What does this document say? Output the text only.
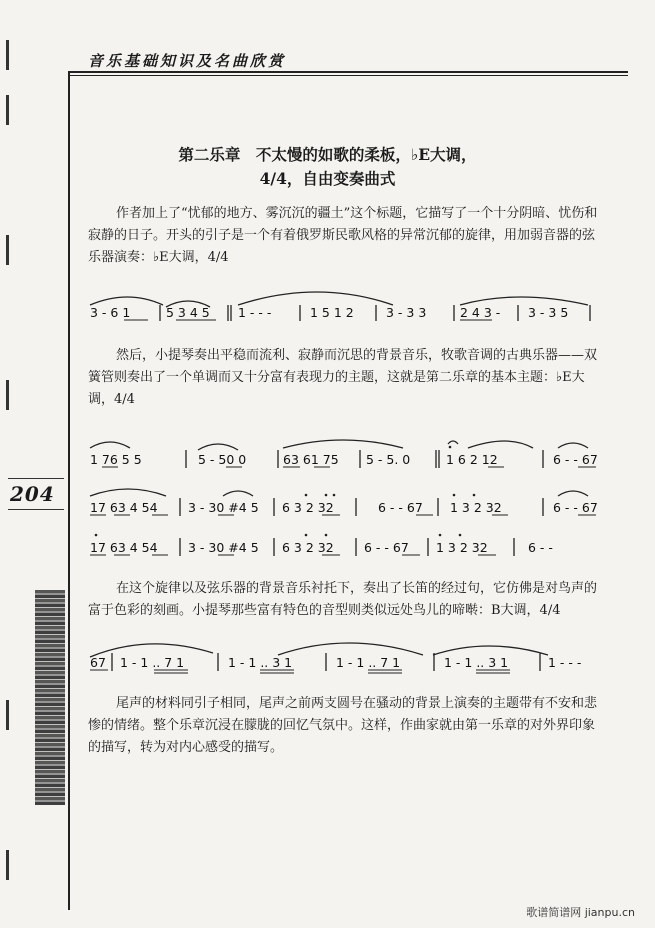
204
音乐基础知识及名曲欣赏
第二乐章　不太慢的如歌的柔板，♭E大调，
4/4，自由变奏曲式

作者加上了“忧郁的地方、雾沉沉的疆土”这个标题，它描写了一个十分阴暗、忧伤和寂静的日子。开头的引子是一个有着俄罗斯民歌风格的异常沉郁的旋律，用加弱音器的弦乐器演奏：♭E大调，4/4

3 - 6 1	5 3 4 5 1 - - -	1 5 1 2	3 - 3 3	2 4 3 - 3 - 3 5

然后，小提琴奏出平稳而流利、寂静而沉思的背景音乐，牧歌音调的古典乐器——双簧管则奏出了一个单调而又十分富有表现力的主题，这就是第二乐章的基本主题：♭E大调，4/4

1 76 5 5	5 - 50 0	63 61 75 5 - 5. 0	1 6 2 12	6 - - 67
17 63 4 54 3 - 30 #4 5 6 3 2 32	6 - - 67 1 3 2 32	6 - - 67
17 63 4 54 3 - 30 #4 5 6 3 2 32 6 - - 67 1 3 2 32	6 - -

在这个旋律以及弦乐器的背景音乐衬托下，奏出了长笛的经过句，它仿佛是对鸟声的富于色彩的刻画。小提琴那些富有特色的音型则类似远处鸟儿的啼啭：B大调，4/4

67 1 - 1 .. 7 1	1 - 1 .. 3 1	1 - 1 .. 7 1	1 - 1 .. 3 1	1 - - -

尾声的材料同引子相同，尾声之前两支圆号在骚动的背景上演奏的主题带有不安和悲惨的情绪。整个乐章沉浸在朦胧的回忆气氛中。这样，作曲家就由第一乐章的对外界印象的描写，转为对内心感受的描写。

歌谱简谱网 jianpu.cn
